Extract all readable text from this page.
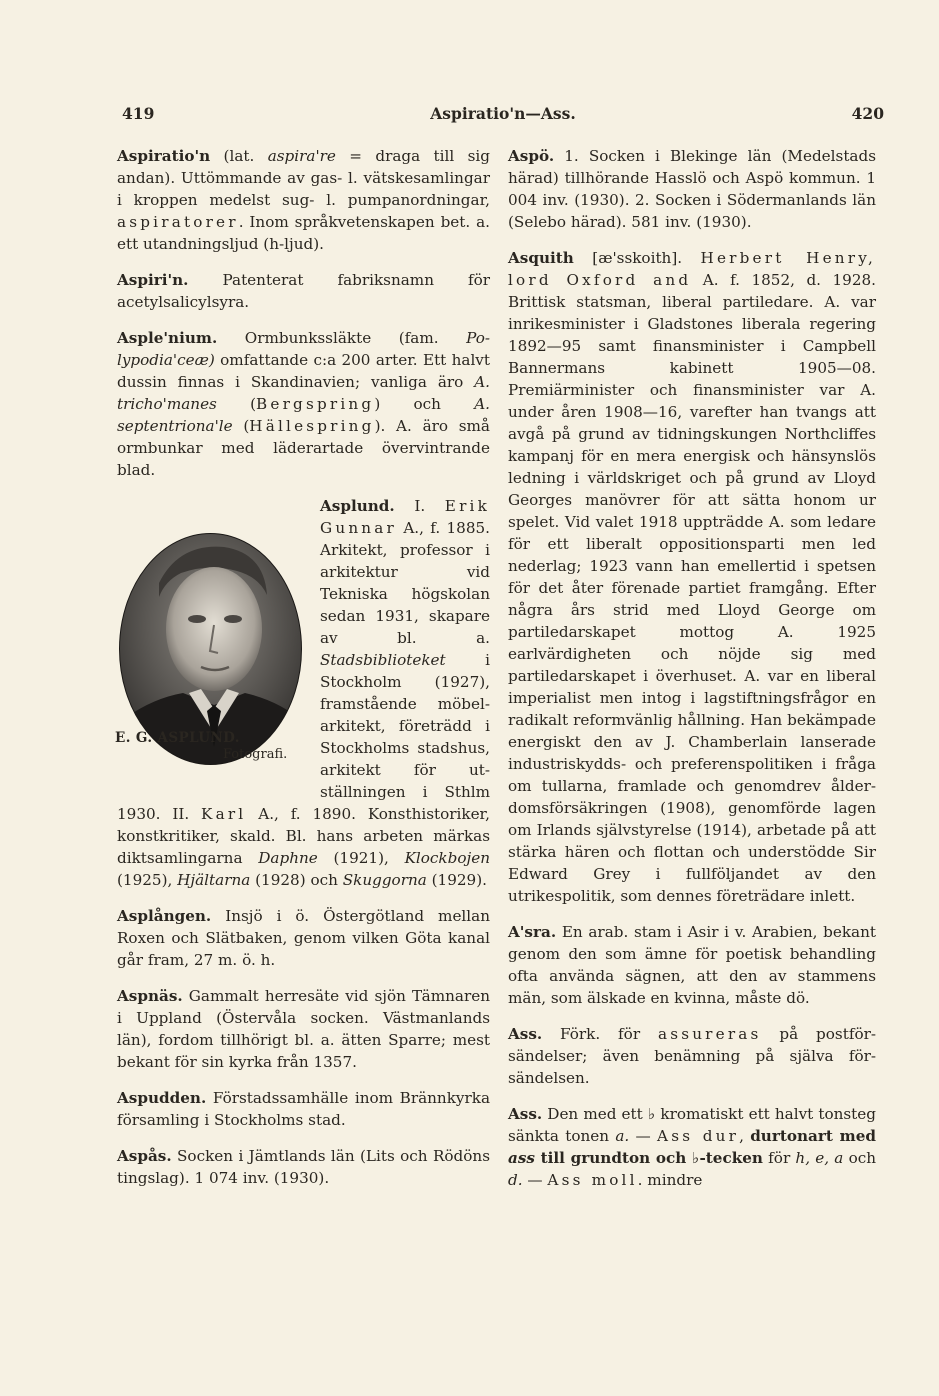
419	Aspiratio'n—Ass.	420

Aspiratio'n (lat. aspira're = draga till sig andan). Uttömmande av gas- l. vätskesamlingar i kroppen medelst sug- l. pumpanordningar, aspiratorer. Inom språkvetenskapen bet. a. ett utandningsljud (h-ljud).

Aspiri'n. Patenterat fabriksnamn för acetylsalicylsyra.

Asple'nium. Ormbunkssläkte (fam. Polypodia'ceæ) omfattande c:a 200 arter. Ett halvt dussin finnas i Skandinavien; vanliga äro A. tricho'manes (Bergspring) och A. septentriona'le (Hällespring). A. äro små ormbunkar med läderartade övervintrande blad.

E. G. ASPLUND.
Fotografi.
Asplund. I. Erik Gunnar A., f. 1885. Arkitekt, professor i arkitektur vid Tekniska högskolan sedan 1931, skapare av bl. a. Stadsbiblioteket i Stockholm (1927), framstående möbelarkitekt, företrädd i Stockholms stadshus, arkitekt för utställningen i Sthlm 1930. II. Karl A., f. 1890. Konsthistoriker, konstkritiker, skald. Bl. hans arbeten märkas diktsamlingarna Daphne (1921), Klockbojen (1925), Hjältarna (1928) och Skuggorna (1929).

Asplången. Insjö i ö. Östergötland mellan Roxen och Slätbaken, genom vilken Göta kanal går fram, 27 m. ö. h.

Aspnäs. Gammalt herresäte vid sjön Tämnaren i Uppland (Östervåla socken. Västmanlands län), fordom tillhörigt bl. a. ätten Sparre; mest bekant för sin kyrka från 1357.

Aspudden. Förstadssamhälle inom Brännkyrka församling i Stockholms stad.

Aspås. Socken i Jämtlands län (Lits och Rödöns tingslag). 1 074 inv. (1930).

Aspö. 1. Socken i Blekinge län (Medelstads härad) tillhörande Hasslö och Aspö kommun. 1 004 inv. (1930). 2. Socken i Södermanlands län (Selebo härad). 581 inv. (1930).

Asquith [æ'sskoith]. Herbert Henry, lord Oxford and A. f. 1852, d. 1928. Brittisk statsman, liberal partiledare. A. var inrikesminister i Gladstones liberala regering 1892—95 samt finansminister i Campbell Bannermans kabinett 1905—08. Premiärminister och finansminister var A. under åren 1908—16, varefter han tvangs att avgå på grund av tidningskungen Northcliffes kampanj för en mera energisk och hänsynslös ledning i världskriget och på grund av Lloyd Georges manövrer för att sätta honom ur spelet. Vid valet 1918 uppträdde A. som ledare för ett liberalt oppositionsparti men led nederlag; 1923 vann han emellertid i spetsen för det åter förenade partiet framgång. Efter några års strid med Lloyd George om partiledarskapet mottog A. 1925 earlvärdigheten och nöjde sig med partiledarskapet i överhuset. A. var en liberal imperialist men intog i lagstiftningsfrågor en radikalt reformvänlig hållning. Han bekämpade energiskt den av J. Chamberlain lanserade industriskydds- och preferenspolitiken i fråga om tullarna, framlade och genomdrev ålderdomsförsäkringen (1908), genomförde lagen om Irlands självstyrelse (1914), arbetade på att stärka hären och flottan och understödde Sir Edward Grey i fullföljandet av den utrikespolitik, som dennes företrädare inlett.

A'sra. En arab. stam i Asir i v. Arabien, bekant genom den som ämne för poetisk behandling ofta använda sägnen, att den av stammens män, som älskade en kvinna, måste dö.

Ass. Förk. för assureras på postförsändelser; även benämning på själva försändelsen.

Ass. Den med ett ♭ kromatiskt ett halvt tonsteg sänkta tonen a. — Ass dur, durtonart med ass till grundton och ♭-tecken för h, e, a och d. — Ass moll. mindre
